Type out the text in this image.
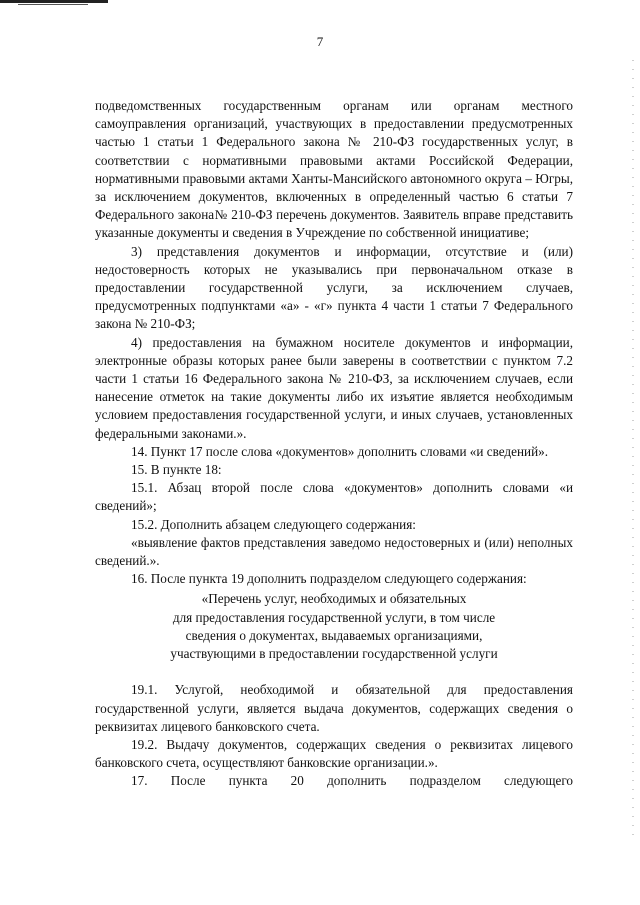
7

подведомственных государственным органам или органам местного самоуправления организаций, участвующих в предоставлении предусмотренных частью 1 статьи 1 Федерального закона № 210-ФЗ государственных услуг, в соответствии с нормативными правовыми актами Российской Федерации, нормативными правовыми актами Ханты-Мансийского автономного округа – Югры, за исключением документов, включенных в определенный частью 6 статьи 7 Федерального закона№ 210-ФЗ перечень документов. Заявитель вправе представить указанные документы и сведения в Учреждение по собственной инициативе;

3) представления документов и информации, отсутствие и (или) недостоверность которых не указывались при первоначальном отказе в предоставлении государственной услуги, за исключением случаев, предусмотренных подпунктами «а» - «г» пункта 4 части 1 статьи 7 Федерального закона № 210-ФЗ;

4) предоставления на бумажном носителе документов и информации, электронные образы которых ранее были заверены в соответствии с пунктом 7.2 части 1 статьи 16 Федерального закона № 210-ФЗ, за исключением случаев, если нанесение отметок на такие документы либо их изъятие является необходимым условием предоставления государственной услуги, и иных случаев, установленных федеральными законами.».

14. Пункт 17 после слова «документов» дополнить словами «и сведений».

15. В пункте 18:

15.1. Абзац второй после слова «документов» дополнить словами «и сведений»;

15.2. Дополнить абзацем следующего содержания:

«выявление фактов представления заведомо недостоверных и (или) неполных сведений.».

16. После пункта 19 дополнить подразделом следующего содержания:

«Перечень услуг, необходимых и обязательных
для предоставления государственной услуги, в том числе
сведения о документах, выдаваемых организациями,
участвующими в предоставлении государственной услуги

19.1. Услугой, необходимой и обязательной для предоставления государственной услуги, является выдача документов, содержащих сведения о реквизитах лицевого банковского счета.

19.2. Выдачу документов, содержащих сведения о реквизитах лицевого банковского счета, осуществляют банковские организации.».

17. После пункта 20 дополнить подразделом следующего
